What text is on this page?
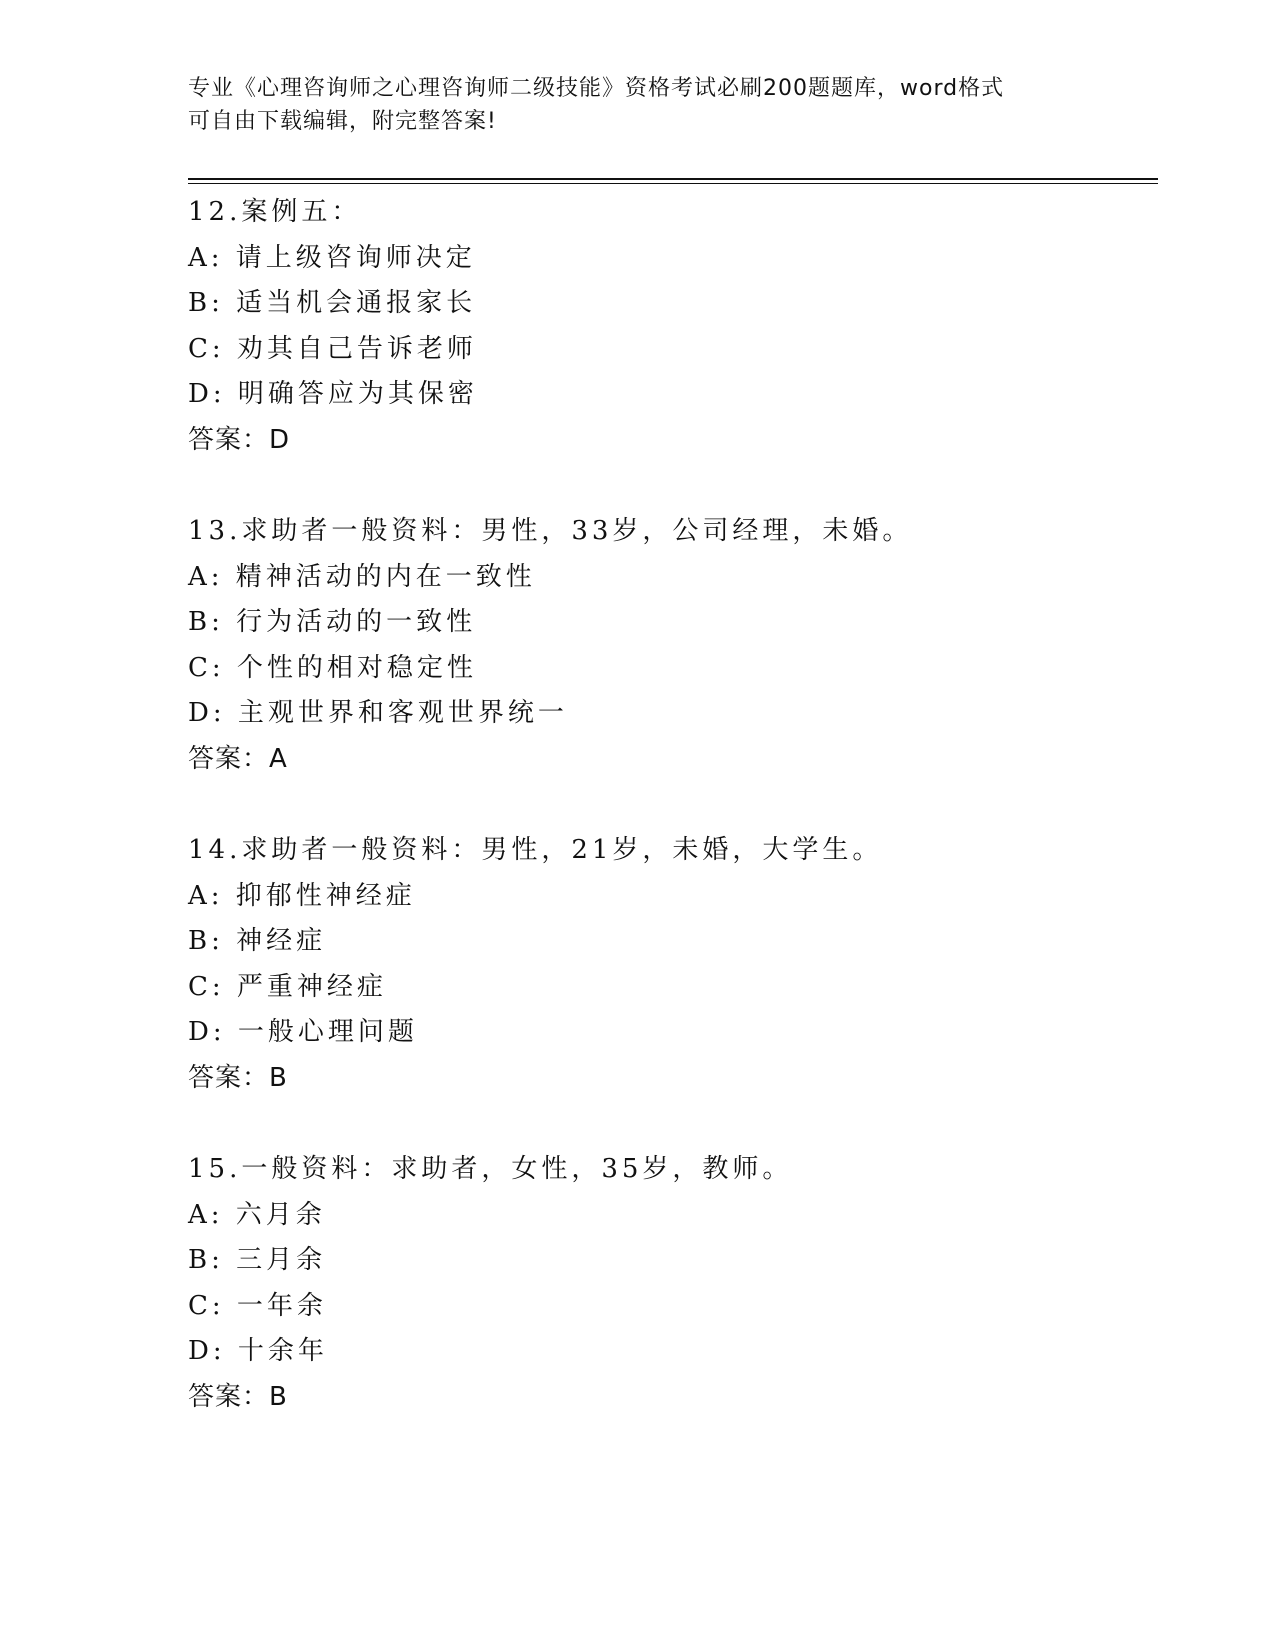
专业《心理咨询师之心理咨询师二级技能》资格考试必刷200题题库，word格式
可自由下载编辑，附完整答案!
12.案例五：
A: 请上级咨询师决定
B: 适当机会通报家长
C: 劝其自己告诉老师
D: 明确答应为其保密
答案：D
13.求助者一般资料：男性，33岁，公司经理，未婚。
A: 精神活动的内在一致性
B: 行为活动的一致性
C: 个性的相对稳定性
D: 主观世界和客观世界统一
答案：A
14.求助者一般资料：男性，21岁，未婚，大学生。
A: 抑郁性神经症
B: 神经症
C: 严重神经症
D: 一般心理问题
答案：B
15.一般资料：求助者，女性，35岁，教师。
A: 六月余
B: 三月余
C: 一年余
D: 十余年
答案：B
